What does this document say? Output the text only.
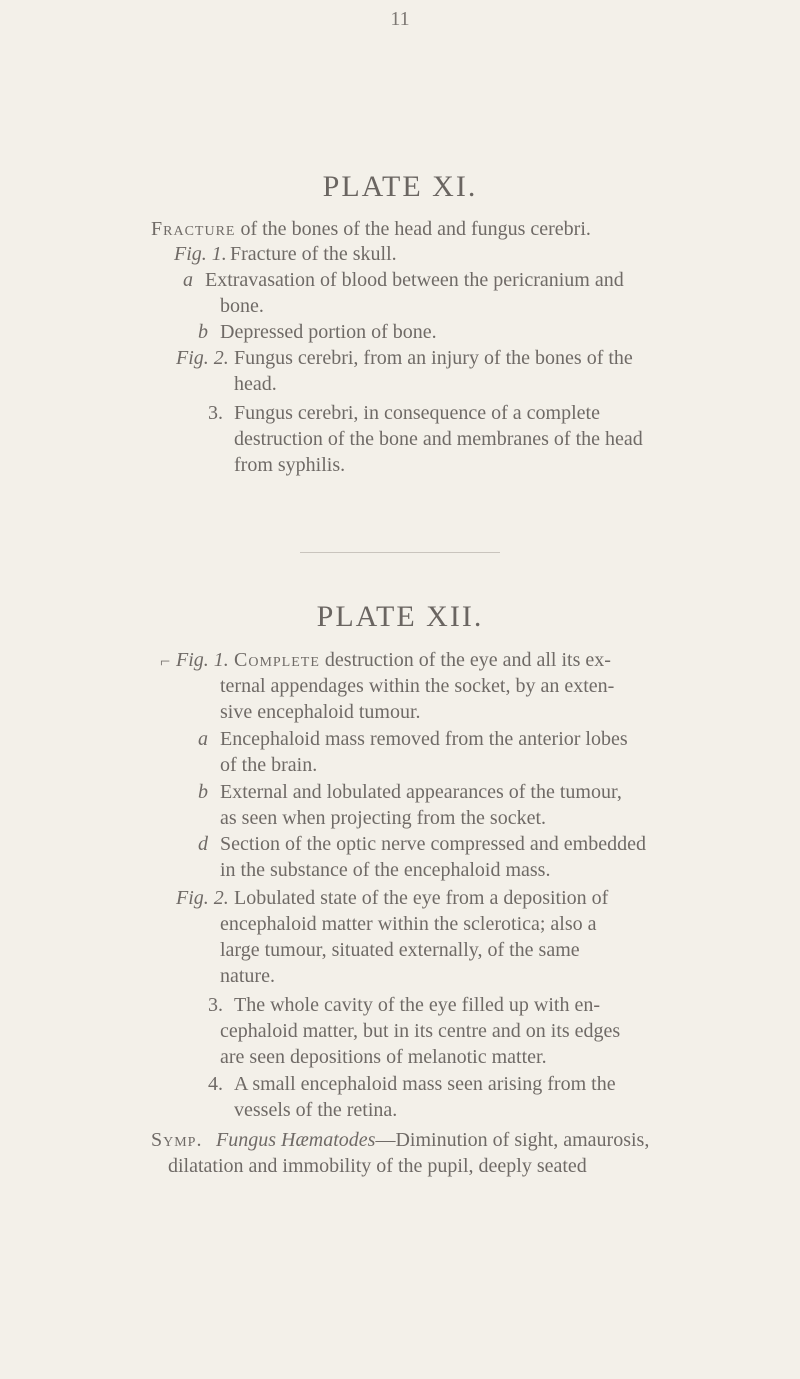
11
PLATE XI.
Fracture of the bones of the head and fungus cerebri.
Fig. 1. Fracture of the skull.
a Extravasation of blood between the pericranium and
bone.
b Depressed portion of bone.
Fig. 2. Fungus cerebri, from an injury of the bones of the
head.
3. Fungus cerebri, in consequence of a complete
destruction of the bone and membranes of the head
from syphilis.
PLATE XII.
⌐ Fig. 1. Complete destruction of the eye and all its ex-
ternal appendages within the socket, by an exten-
sive encephaloid tumour.
a Encephaloid mass removed from the anterior lobes
of the brain.
b External and lobulated appearances of the tumour,
as seen when projecting from the socket.
d Section of the optic nerve compressed and embedded
in the substance of the encephaloid mass.
Fig. 2. Lobulated state of the eye from a deposition of
encephaloid matter within the sclerotica; also a
large tumour, situated externally, of the same
nature.
3. The whole cavity of the eye filled up with en-
cephaloid matter, but in its centre and on its edges
are seen depositions of melanotic matter.
4. A small encephaloid mass seen arising from the
vessels of the retina.
Symp. Fungus Hæmatodes—Diminution of sight, amaurosis,
dilatation and immobility of the pupil, deeply seated
